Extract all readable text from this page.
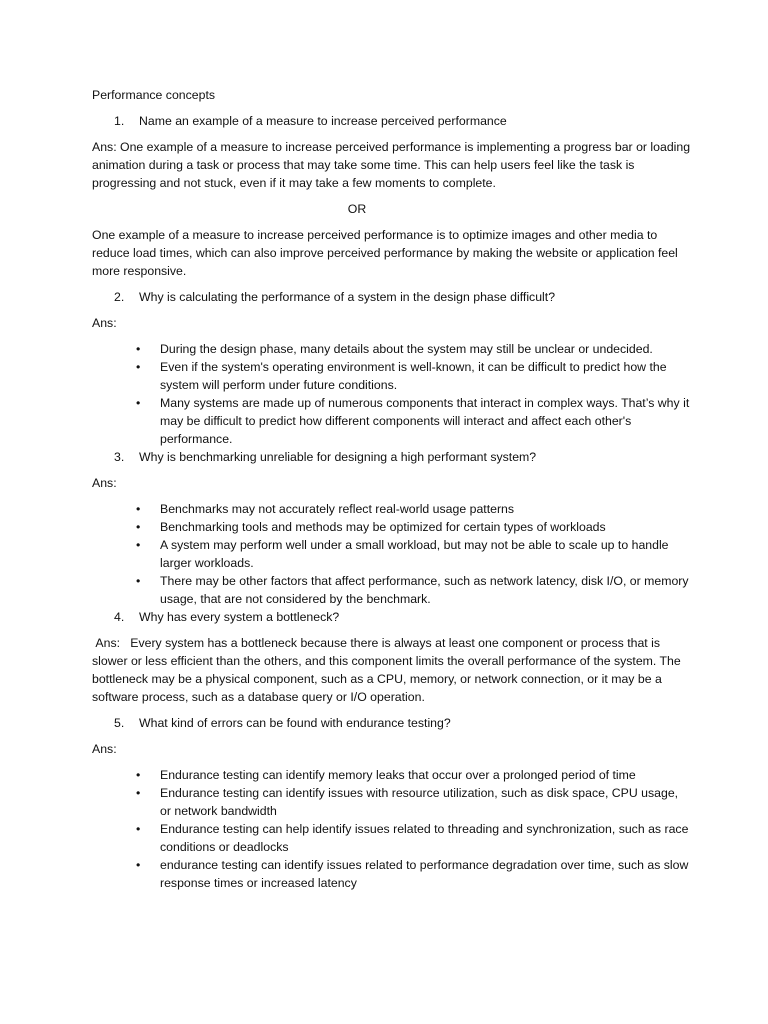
Performance concepts
1. Name an example of a measure to increase perceived performance
Ans: One example of a measure to increase perceived performance is implementing a progress bar or loading animation during a task or process that may take some time. This can help users feel like the task is progressing and not stuck, even if it may take a few moments to complete.
OR
One example of a measure to increase perceived performance is to optimize images and other media to reduce load times, which can also improve perceived performance by making the website or application feel more responsive.
2. Why is calculating the performance of a system in the design phase difficult?
Ans:
• During the design phase, many details about the system may still be unclear or undecided.
• Even if the system's operating environment is well-known, it can be difficult to predict how the system will perform under future conditions.
• Many systems are made up of numerous components that interact in complex ways. That’s why it may be difficult to predict how different components will interact and affect each other's performance.
3. Why is benchmarking unreliable for designing a high performant system?
Ans:
• Benchmarks may not accurately reflect real-world usage patterns
• Benchmarking tools and methods may be optimized for certain types of workloads
• A system may perform well under a small workload, but may not be able to scale up to handle larger workloads.
• There may be other factors that affect performance, such as network latency, disk I/O, or memory usage, that are not considered by the benchmark.
4. Why has every system a bottleneck?
Ans:   Every system has a bottleneck because there is always at least one component or process that is slower or less efficient than the others, and this component limits the overall performance of the system. The bottleneck may be a physical component, such as a CPU, memory, or network connection, or it may be a software process, such as a database query or I/O operation.
5. What kind of errors can be found with endurance testing?
Ans:
• Endurance testing can identify memory leaks that occur over a prolonged period of time
• Endurance testing can identify issues with resource utilization, such as disk space, CPU usage, or network bandwidth
• Endurance testing can help identify issues related to threading and synchronization, such as race conditions or deadlocks
• endurance testing can identify issues related to performance degradation over time, such as slow response times or increased latency
